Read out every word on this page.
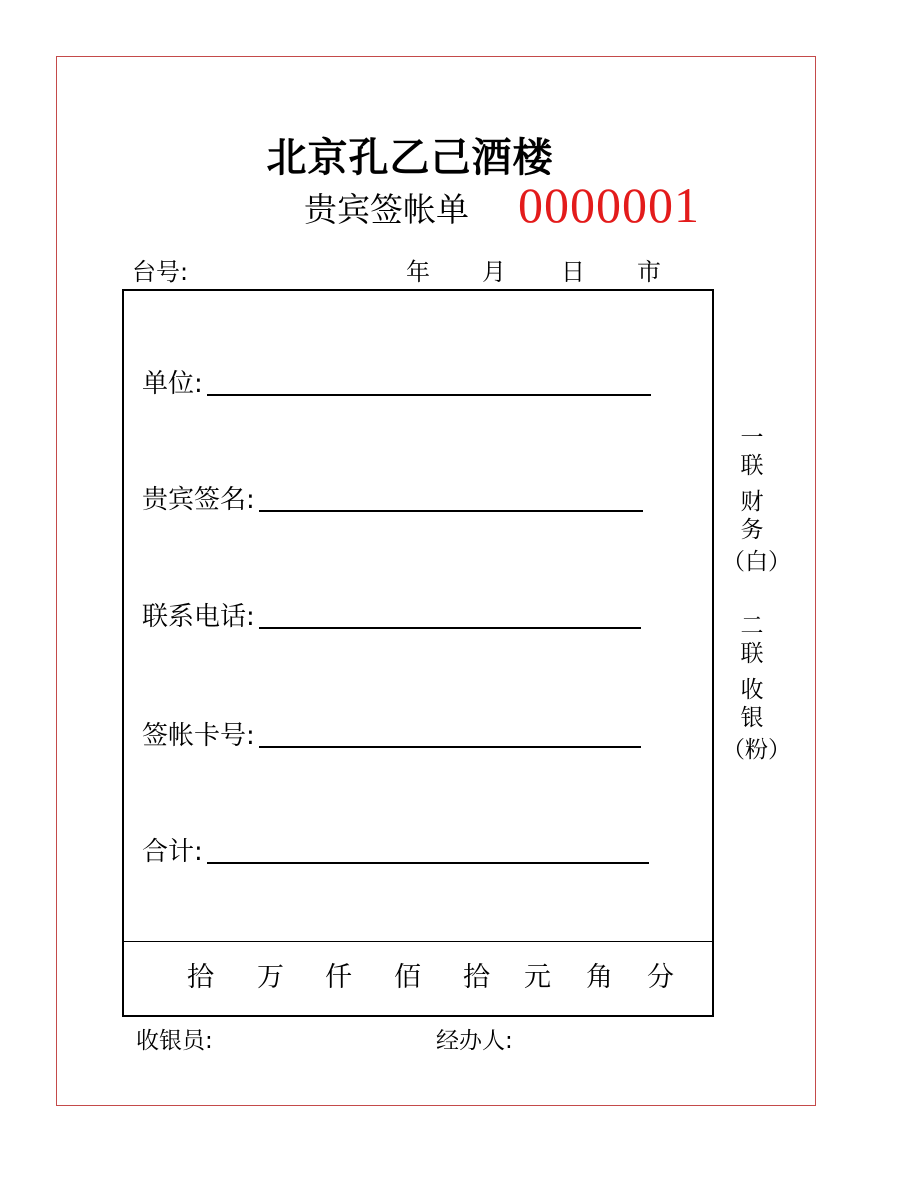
北京孔乙己酒楼
贵宾签帐单 0000001
台号:	年 月 日 市
单位:
贵宾签名:
联系电话:
签帐卡号:
合计:
拾 万 仟 佰 拾 元 角 分
收银员:	经办人:
一
联
财
务
（白）
二
联
收
银
（粉）
